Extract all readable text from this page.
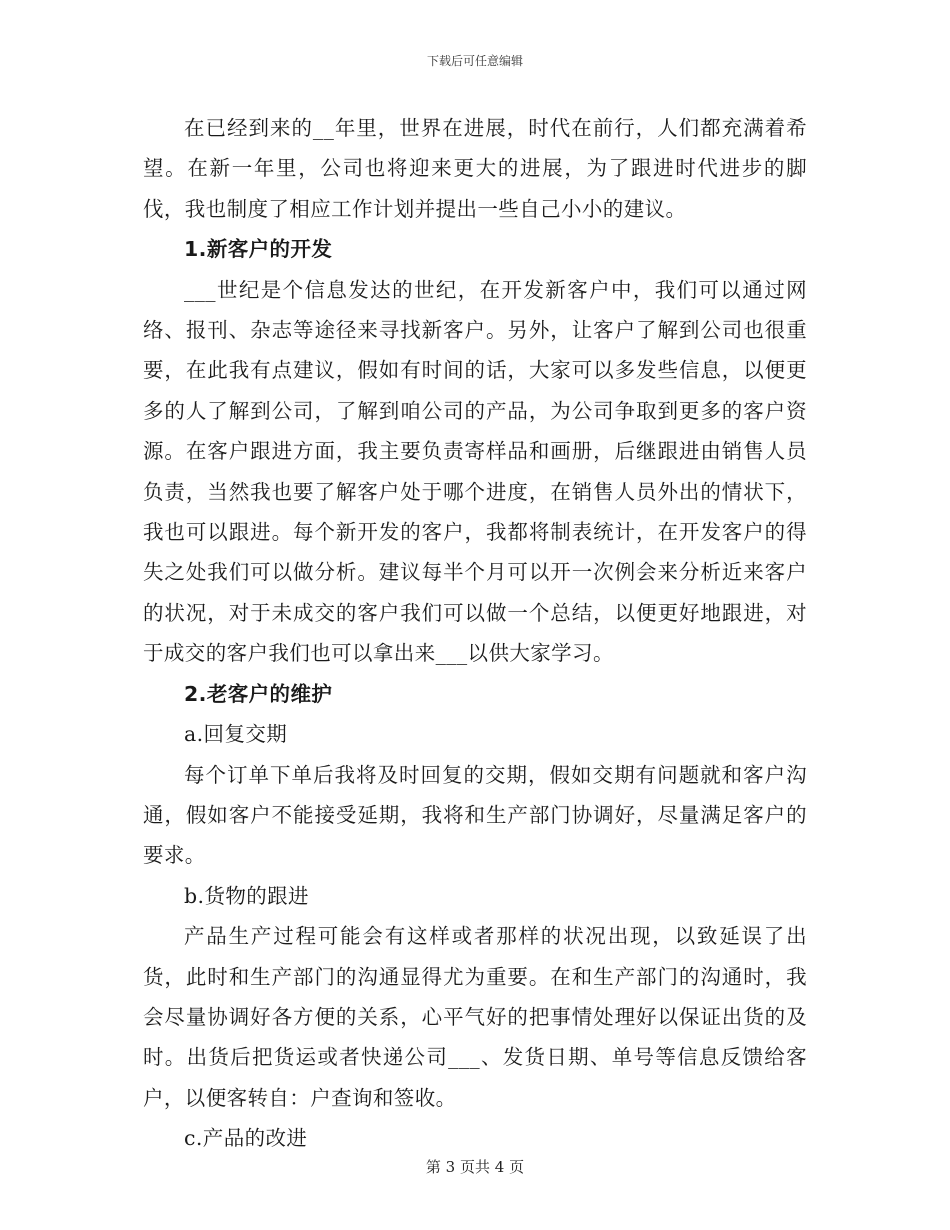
下载后可任意编辑

在已经到来的__年里，世界在进展，时代在前行，人们都充满着希望。在新一年里，公司也将迎来更大的进展，为了跟进时代进步的脚伐，我也制度了相应工作计划并提出一些自己小小的建议。

1.新客户的开发

___世纪是个信息发达的世纪，在开发新客户中，我们可以通过网络、报刊、杂志等途径来寻找新客户。另外，让客户了解到公司也很重要，在此我有点建议，假如有时间的话，大家可以多发些信息，以便更多的人了解到公司，了解到咱公司的产品，为公司争取到更多的客户资源。在客户跟进方面，我主要负责寄样品和画册，后继跟进由销售人员负责，当然我也要了解客户处于哪个进度，在销售人员外出的情状下，我也可以跟进。每个新开发的客户，我都将制表统计，在开发客户的得失之处我们可以做分析。建议每半个月可以开一次例会来分析近来客户的状况，对于未成交的客户我们可以做一个总结，以便更好地跟进，对于成交的客户我们也可以拿出来___以供大家学习。

2.老客户的维护

a.回复交期

每个订单下单后我将及时回复的交期，假如交期有问题就和客户沟通，假如客户不能接受延期，我将和生产部门协调好，尽量满足客户的要求。

b.货物的跟进

产品生产过程可能会有这样或者那样的状况出现，以致延误了出货，此时和生产部门的沟通显得尤为重要。在和生产部门的沟通时，我会尽量协调好各方便的关系，心平气好的把事情处理好以保证出货的及时。出货后把货运或者快递公司___、发货日期、单号等信息反馈给客户，以便客转自：户查询和签收。

c.产品的改进

第 3 页共 4 页
